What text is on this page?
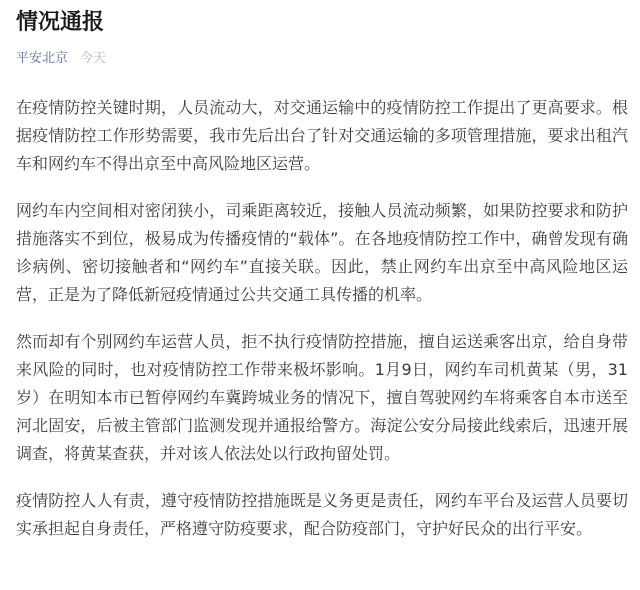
情况通报
平安北京 今天

在疫情防控关键时期，人员流动大，对交通运输中的疫情防控工作提出了更高要求。根据疫情防控工作形势需要，我市先后出台了针对交通运输的多项管理措施，要求出租汽车和网约车不得出京至中高风险地区运营。

网约车内空间相对密闭狭小，司乘距离较近，接触人员流动频繁，如果防控要求和防护措施落实不到位，极易成为传播疫情的“载体”。在各地疫情防控工作中，确曾发现有确诊病例、密切接触者和“网约车”直接关联。因此，禁止网约车出京至中高风险地区运营，正是为了降低新冠疫情通过公共交通工具传播的机率。

然而却有个别网约车运营人员，拒不执行疫情防控措施，擅自运送乘客出京，给自身带来风险的同时，也对疫情防控工作带来极坏影响。1月9日，网约车司机黄某（男，31岁）在明知本市已暂停网约车冀跨城业务的情况下，擅自驾驶网约车将乘客自本市送至河北固安，后被主管部门监测发现并通报给警方。海淀公安分局接此线索后，迅速开展调查，将黄某查获，并对该人依法处以行政拘留处罚。

疫情防控人人有责，遵守疫情防控措施既是义务更是责任，网约车平台及运营人员要切实承担起自身责任，严格遵守防疫要求，配合防疫部门，守护好民众的出行平安。
